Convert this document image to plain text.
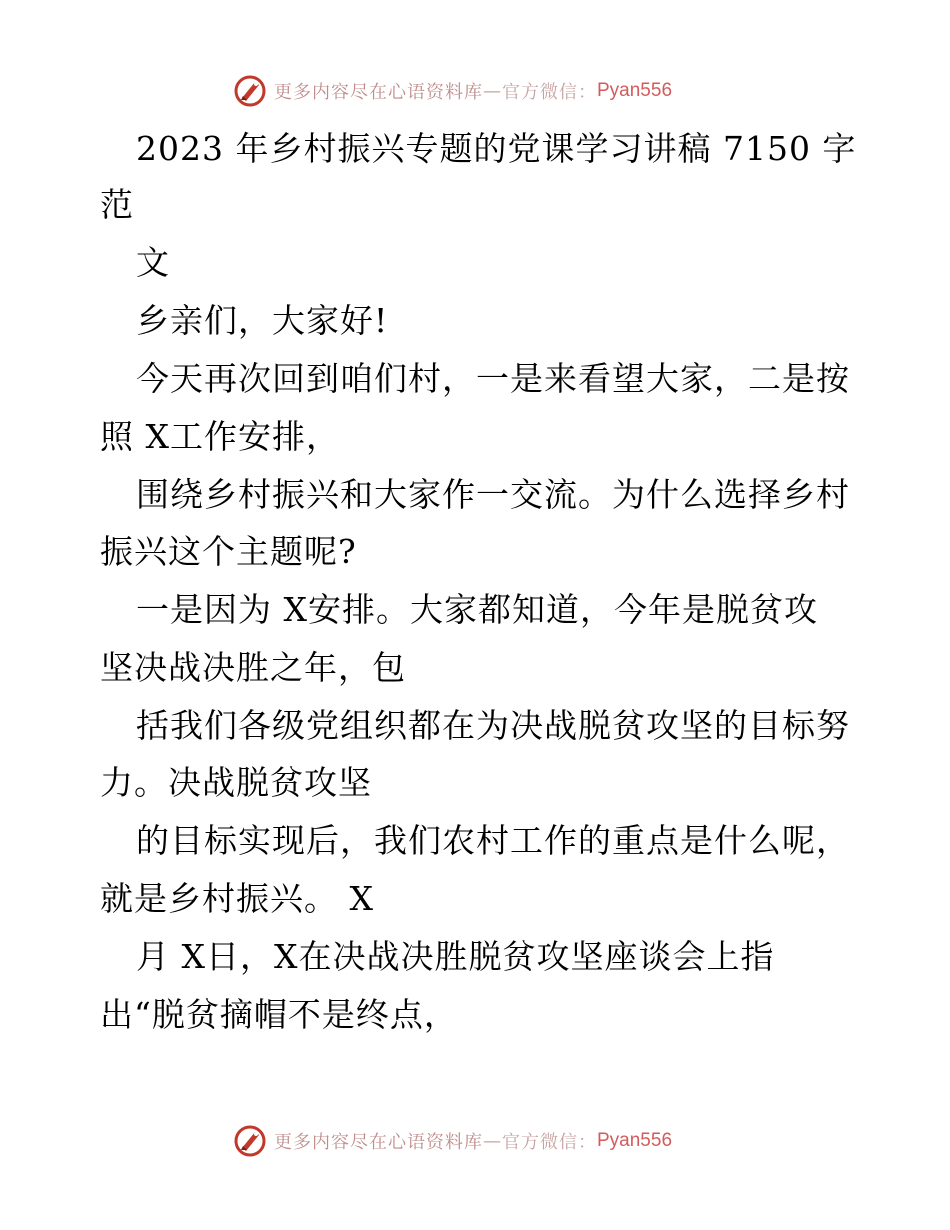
更多内容尽在心语资料库 — 官方微信： Pyan556
2023 年乡村振兴专题的党课学习讲稿 7150 字
范
文
乡亲们，大家好!
今天再次回到咱们村，一是来看望大家，二是按
照 X工作安排，
围绕乡村振兴和大家作一交流。为什么选择乡村
振兴这个主题呢?
一是因为 X安排。大家都知道，今年是脱贫攻
坚决战决胜之年，包
括我们各级党组织都在为决战脱贫攻坚的目标努
力。决战脱贫攻坚
的目标实现后，我们农村工作的重点是什么呢，
就是乡村振兴。 X
月 X日，X在决战决胜脱贫攻坚座谈会上指
出“脱贫摘帽不是终点，
更多内容尽在心语资料库 — 官方微信： Pyan556
